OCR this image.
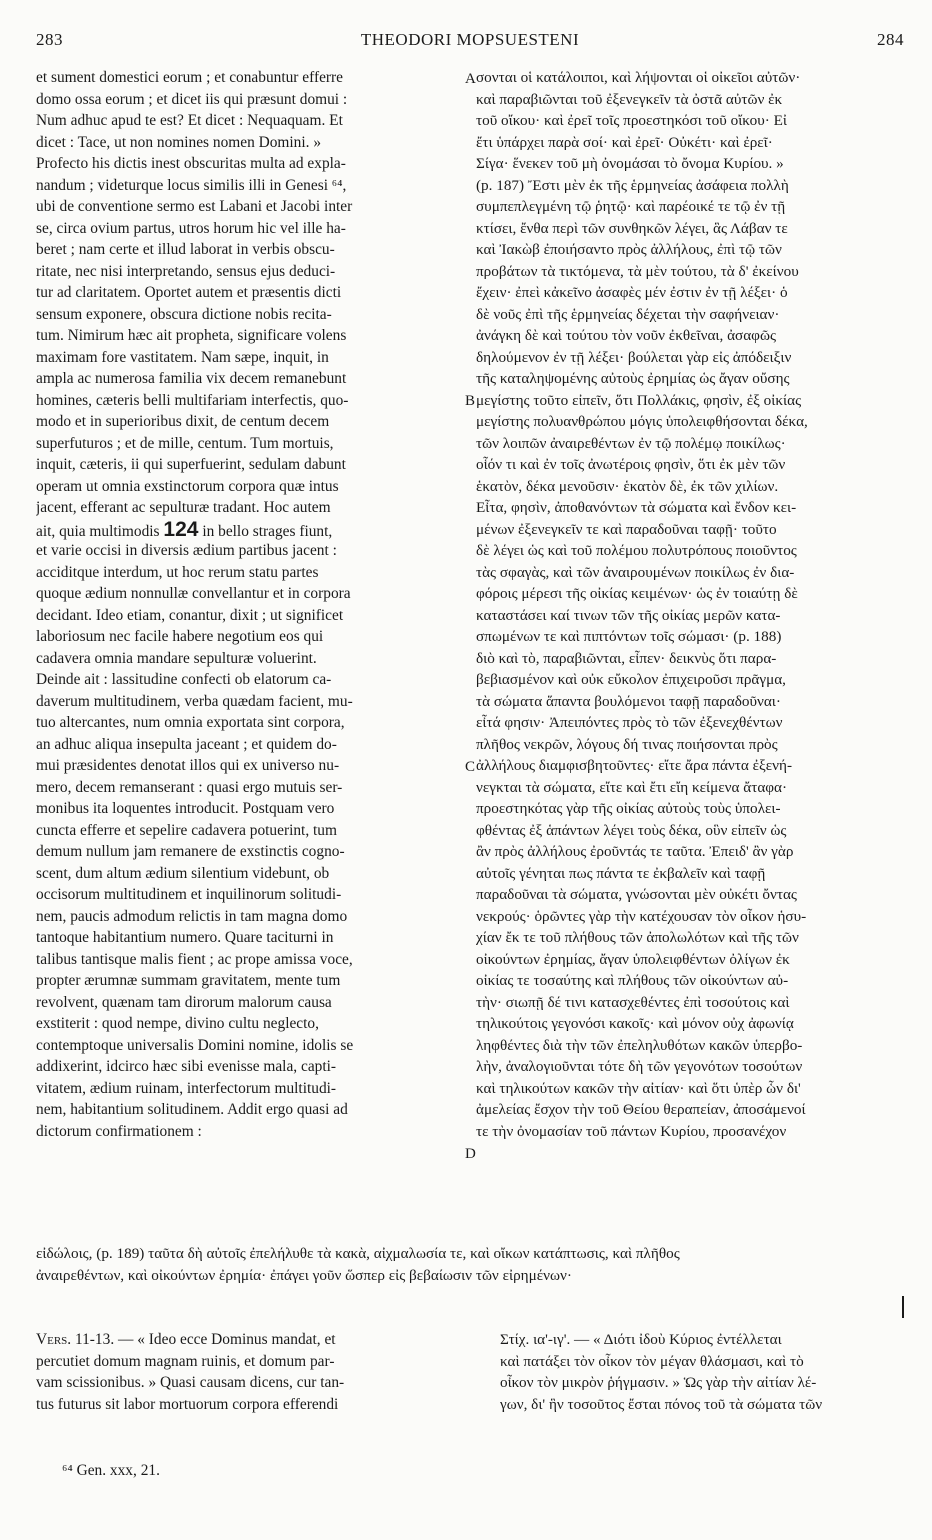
283	THEODORI MOPSUESTENI	284
et sument domestici eorum ; et conabuntur efferre
domo ossa eorum ; et dicet iis qui præsunt domui :
Num adhuc apud te est? Et dicet : Nequaquam. Et
dicet : Tace, ut non nomines nomen Domini. »
Profecto his dictis inest obscuritas multa ad expla-
nandum ; videturque locus similis illi in Genesi ⁶⁴,
ubi de conventione sermo est Labani et Jacobi inter
se, circa ovium partus, utros horum hic vel ille ha-
beret ; nam certe et illud laborat in verbis obscu-
ritate, nec nisi interpretando, sensus ejus deduci-
tur ad claritatem. Oportet autem et præsentis dicti
sensum exponere, obscura dictione nobis recita-
tum. Nimirum hæc ait propheta, significare volens
maximam fore vastitatem. Nam sæpe, inquit, in
ampla ac numerosa familia vix decem remanebunt
homines, cæteris belli multifariam interfectis, quo-
modo et in superioribus dixit, de centum decem
superfuturos ; et de mille, centum. Tum mortuis,
inquit, cæteris, ii qui superfuerint, sedulam dabunt
operam ut omnia exstinctorum corpora quæ intus
jacent, efferant ac sepulturæ tradant. Hoc autem
ait, quia multimodis 124 in bello strages fiunt,
et varie occisi in diversis ædium partibus jacent :
acciditque interdum, ut hoc rerum statu partes
quoque ædium nonnullæ convellantur et in corpora
decidant. Ideo etiam, conantur, dixit ; ut significet
laboriosum nec facile habere negotium eos qui
cadavera omnia mandare sepulturæ voluerint.
Deinde ait : lassitudine confecti ob elatorum ca-
daverum multitudinem, verba quædam facient, mu-
tuo altercantes, num omnia exportata sint corpora,
an adhuc aliqua insepulta jaceant ; et quidem do-
mui præsidentes denotat illos qui ex universo nu-
mero, decem remanserant : quasi ergo mutuis ser-
monibus ita loquentes introducit. Postquam vero
cuncta efferre et sepelire cadavera potuerint, tum
demum nullum jam remanere de exstinctis cogno-
scent, dum altum ædium silentium videbunt, ob
occisorum multitudinem et inquilinorum solitudi-
nem, paucis admodum relictis in tam magna domo
tantoque habitantium numero. Quare taciturni in
talibus tantisque malis fient ; ac prope amissa voce,
propter ærumnæ summam gravitatem, mente tum
revolvent, quænam tam dirorum malorum causa
exstiterit : quod nempe, divino cultu neglecto,
contemptoque universalis Domini nomine, idolis se
addixerint, idcirco hæc sibi evenisse mala, capti-
vitatem, ædium ruinam, interfectorum multitudi-
nem, habitantium solitudinem. Addit ergo quasi ad
dictorum confirmationem :
σονται οἱ κατάλοιποι, καὶ λήψονται οἱ οἰκεῖοι αὐτῶν·
καὶ παραβιῶνται τοῦ ἐξενεγκεῖν τὰ ὀστᾶ αὐτῶν ἐκ
τοῦ οἴκου· καὶ ἐρεῖ τοῖς προεστηκόσι τοῦ οἴκου· Εἰ
ἔτι ὑπάρχει παρὰ σοί· καὶ ἐρεῖ· Οὐκέτι· καὶ ἐρεῖ·
Σίγα· ἕνεκεν τοῦ μὴ ὀνομάσαι τὸ ὄνομα Κυρίου. »
(p. 187) Ἔστι μὲν ἐκ τῆς ἑρμηνείας ἀσάφεια πολλὴ
συμπεπλεγμένη τῷ ῥητῷ· καὶ παρέοικέ τε τῷ ἐν τῇ
κτίσει, ἔνθα περὶ τῶν συνθηκῶν λέγει, ἃς Λάβαν τε
καὶ Ἰακὼβ ἐποιήσαντο πρὸς ἀλλήλους, ἐπὶ τῷ τῶν
προβάτων τὰ τικτόμενα, τὰ μὲν τούτου, τὰ δ' ἐκείνου
ἔχειν· ἐπεὶ κἀκεῖνο ἀσαφὲς μέν ἐστιν ἐν τῇ λέξει· ὁ
δὲ νοῦς ἐπὶ τῆς ἑρμηνείας δέχεται τὴν σαφήνειαν·
ἀνάγκη δὲ καὶ τούτου τὸν νοῦν ἐκθεῖναι, ἀσαφῶς
δηλούμενον ἐν τῇ λέξει· βούλεται γὰρ εἰς ἀπόδειξιν
τῆς καταληψομένης αὐτοὺς ἐρημίας ὡς ἄγαν οὔσης
μεγίστης τοῦτο εἰπεῖν, ὅτι Πολλάκις, φησὶν, ἐξ οἰκίας
μεγίστης πολυανθρώπου μόγις ὑπολειφθήσονται δέκα,
τῶν λοιπῶν ἀναιρεθέντων ἐν τῷ πολέμῳ ποικίλως·
οἷόν τι καὶ ἐν τοῖς ἀνωτέροις φησὶν, ὅτι ἐκ μὲν τῶν
ἑκατὸν, δέκα μενοῦσιν· ἑκατὸν δὲ, ἐκ τῶν χιλίων.
Εἶτα, φησὶν, ἀποθανόντων τὰ σώματα καὶ ἔνδον κει-
μένων ἐξενεγκεῖν τε καὶ παραδοῦναι ταφῇ· τοῦτο
δὲ λέγει ὡς καὶ τοῦ πολέμου πολυτρόπους ποιοῦντος
τὰς σφαγὰς, καὶ τῶν ἀναιρουμένων ποικίλως ἐν δια-
φόροις μέρεσι τῆς οἰκίας κειμένων· ὡς ἐν τοιαύτῃ δὲ
καταστάσει καί τινων τῶν τῆς οἰκίας μερῶν κατα-
σπωμένων τε καὶ πιπτόντων τοῖς σώμασι· (p. 188)
διὸ καὶ τὸ, παραβιῶνται, εἶπεν· δεικνὺς ὅτι παρα-
βεβιασμένον καὶ οὐκ εὔκολον ἐπιχειροῦσι πρᾶγμα,
τὰ σώματα ἅπαντα βουλόμενοι ταφῇ παραδοῦναι·
εἶτά φησιν· Ἀπειπόντες πρὸς τὸ τῶν ἐξενεχθέντων
πλῆθος νεκρῶν, λόγους δή τινας ποιήσονται πρὸς
ἀλλήλους διαμφισβητοῦντες· εἴτε ἄρα πάντα ἐξενή-
νεγκται τὰ σώματα, εἴτε καὶ ἔτι εἴη κείμενα ἄταφα·
προεστηκότας γὰρ τῆς οἰκίας αὐτοὺς τοὺς ὑπολει-
φθέντας ἐξ ἁπάντων λέγει τοὺς δέκα, οὓν εἰπεῖν ὡς
ἂν πρὸς ἀλλήλους ἐροῦντάς τε ταῦτα. Ἐπειδ' ἂν γὰρ
αὐτοῖς γένηται πως πάντα τε ἐκβαλεῖν καὶ ταφῇ
παραδοῦναι τὰ σώματα, γνώσονται μὲν οὐκέτι ὄντας
νεκρούς· ὁρῶντες γὰρ τὴν κατέχουσαν τὸν οἶκον ἡσυ-
χίαν ἔκ τε τοῦ πλήθους τῶν ἀπολωλότων καὶ τῆς τῶν
οἰκούντων ἐρημίας, ἄγαν ὑπολειφθέντων ὀλίγων ἐκ
οἰκίας τε τοσαύτης καὶ πλήθους τῶν οἰκούντων αὐ-
τὴν· σιωπῇ δέ τινι κατασχεθέντες ἐπὶ τοσούτοις καὶ
τηλικούτοις γεγονόσι κακοῖς· καὶ μόνον οὐχ ἀφωνίᾳ
ληφθέντες διὰ τὴν τῶν ἐπεληλυθότων κακῶν ὑπερβο-
λὴν, ἀναλογιοῦνται τότε δὴ τῶν γεγονότων τοσούτων
καὶ τηλικούτων κακῶν τὴν αἰτίαν· καὶ ὅτι ὑπὲρ ὧν δι'
ἀμελείας ἔσχον τὴν τοῦ Θείου θεραπείαν, ἀποσάμενοί
τε τὴν ὀνομασίαν τοῦ πάντων Κυρίου, προσανέχον
A
B
C
D
εἰδώλοις, (p. 189) ταῦτα δὴ αὐτοῖς ἐπελήλυθε τὰ κακὰ, αἰχμαλωσία τε, καὶ οἴκων κατάπτωσις, καὶ πλῆθος
ἀναιρεθέντων, καὶ οἰκούντων ἐρημία· ἐπάγει γοῦν ὥσπερ εἰς βεβαίωσιν τῶν εἰρημένων·
Vers. 11-13. — « Ideo ecce Dominus mandat, et
percutiet domum magnam ruinis, et domum par-
vam scissionibus. » Quasi causam dicens, cur tan-
tus futurus sit labor mortuorum corpora efferendi
Στίχ. ια'-ιγ'. — « Διότι ἰδοὺ Κύριος ἐντέλλεται
καὶ πατάξει τὸν οἶκον τὸν μέγαν θλάσμασι, καὶ τὸ
οἶκον τὸν μικρὸν ῥήγμασιν. » Ὡς γὰρ τὴν αἰτίαν λέ-
γων, δι' ἣν τοσοῦτος ἔσται πόνος τοῦ τὰ σώματα τῶν
⁶⁴ Gen. xxx, 21.
